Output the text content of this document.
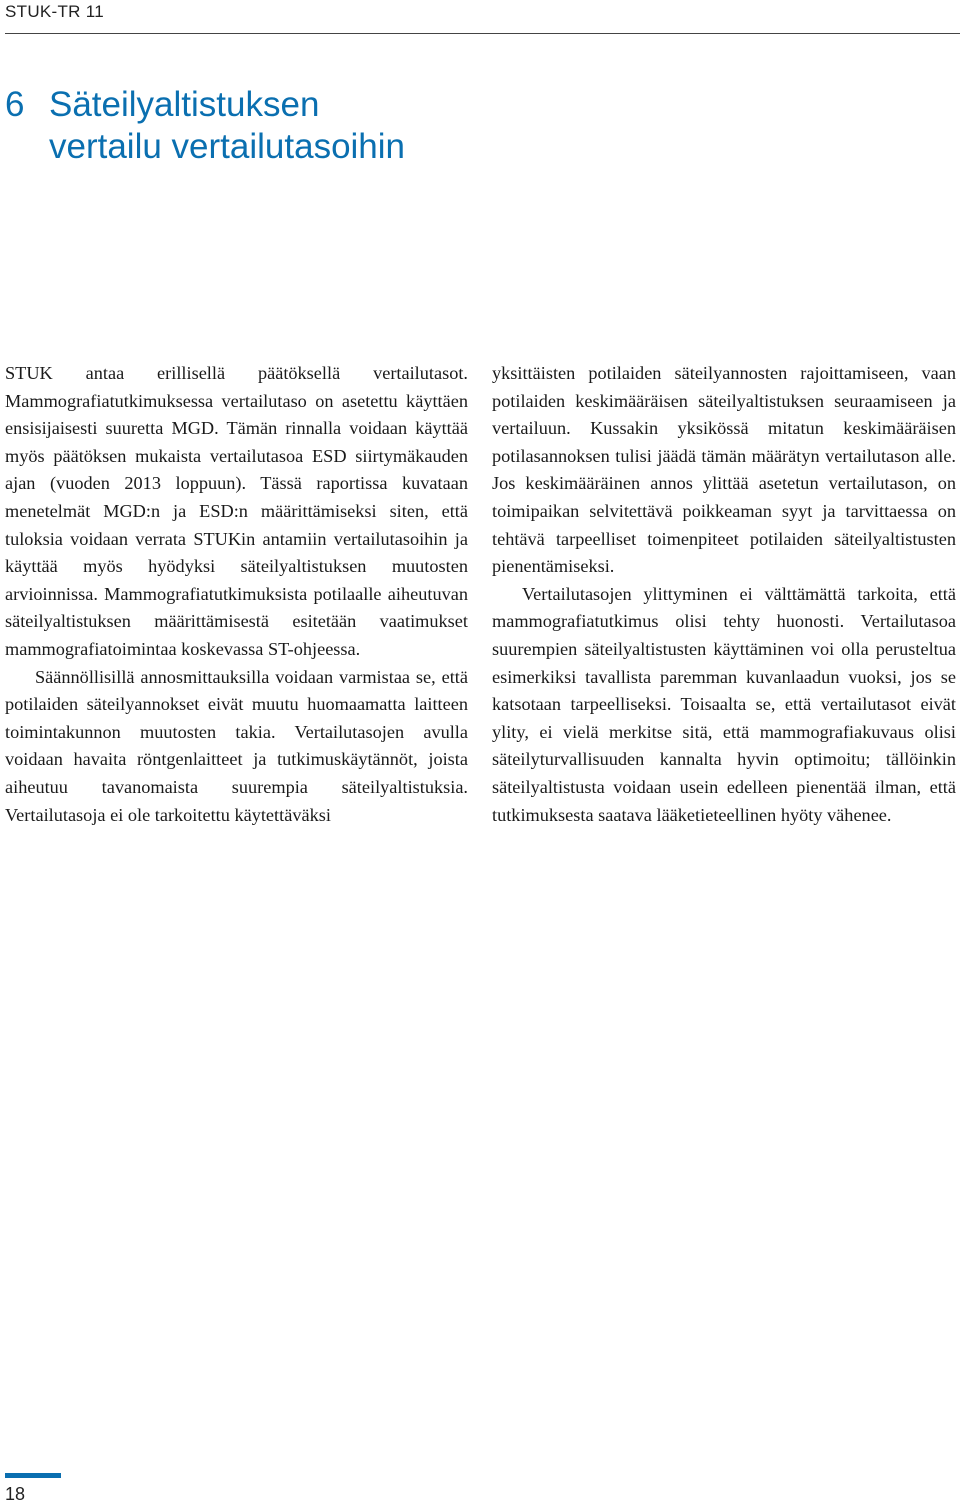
STUK-TR 11
6 Säteilyaltistuksen
vertailu vertailutasoihin

STUK antaa erillisellä päätöksellä vertailutasot. Mammografiatutkimuksessa vertailutaso on asetettu käyttäen ensisijaisesti suuretta MGD. Tämän rinnalla voidaan käyttää myös päätöksen mukaista vertailutasoa ESD siirtymäkauden ajan (vuoden 2013 loppuun). Tässä raportissa kuvataan menetelmät MGD:n ja ESD:n määrittämiseksi siten, että tuloksia voidaan verrata STUKin antamiin vertailutasoihin ja käyttää myös hyödyksi säteilyaltistuksen muutosten arvioinnissa. Mammografiatutkimuksista potilaalle aiheutuvan säteilyaltistuksen määrittämisestä esitetään vaatimukset mammografiatoimintaa koskevassa ST-ohjeessa.

Säännöllisillä annosmittauksilla voidaan varmistaa se, että potilaiden säteilyannokset eivät muutu huomaamatta laitteen toimintakunnon muutosten takia. Vertailutasojen avulla voidaan havaita röntgenlaitteet ja tutkimuskäytännöt, joista aiheutuu tavanomaista suurempia säteilyaltistuksia. Vertailutasoja ei ole tarkoitettu käytettäväksi

yksittäisten potilaiden säteilyannosten rajoittamiseen, vaan potilaiden keskimääräisen säteilyaltistuksen seuraamiseen ja vertailuun. Kussakin yksikössä mitatun keskimääräisen potilasannoksen tulisi jäädä tämän määrätyn vertailutason alle. Jos keskimääräinen annos ylittää asetetun vertailutason, on toimipaikan selvitettävä poikkeaman syyt ja tarvittaessa on tehtävä tarpeelliset toimenpiteet potilaiden säteilyaltistusten pienentämiseksi.

Vertailutasojen ylittyminen ei välttämättä tarkoita, että mammografiatutkimus olisi tehty huonosti. Vertailutasoa suurempien säteilyaltistusten käyttäminen voi olla perusteltua esimerkiksi tavallista paremman kuvanlaadun vuoksi, jos se katsotaan tarpeelliseksi. Toisaalta se, että vertailutasot eivät ylity, ei vielä merkitse sitä, että mammografiakuvaus olisi säteilyturvallisuuden kannalta hyvin optimoitu; tällöinkin säteilyaltistusta voidaan usein edelleen pienentää ilman, että tutkimuksesta saatava lääketieteellinen hyöty vähenee.

18
